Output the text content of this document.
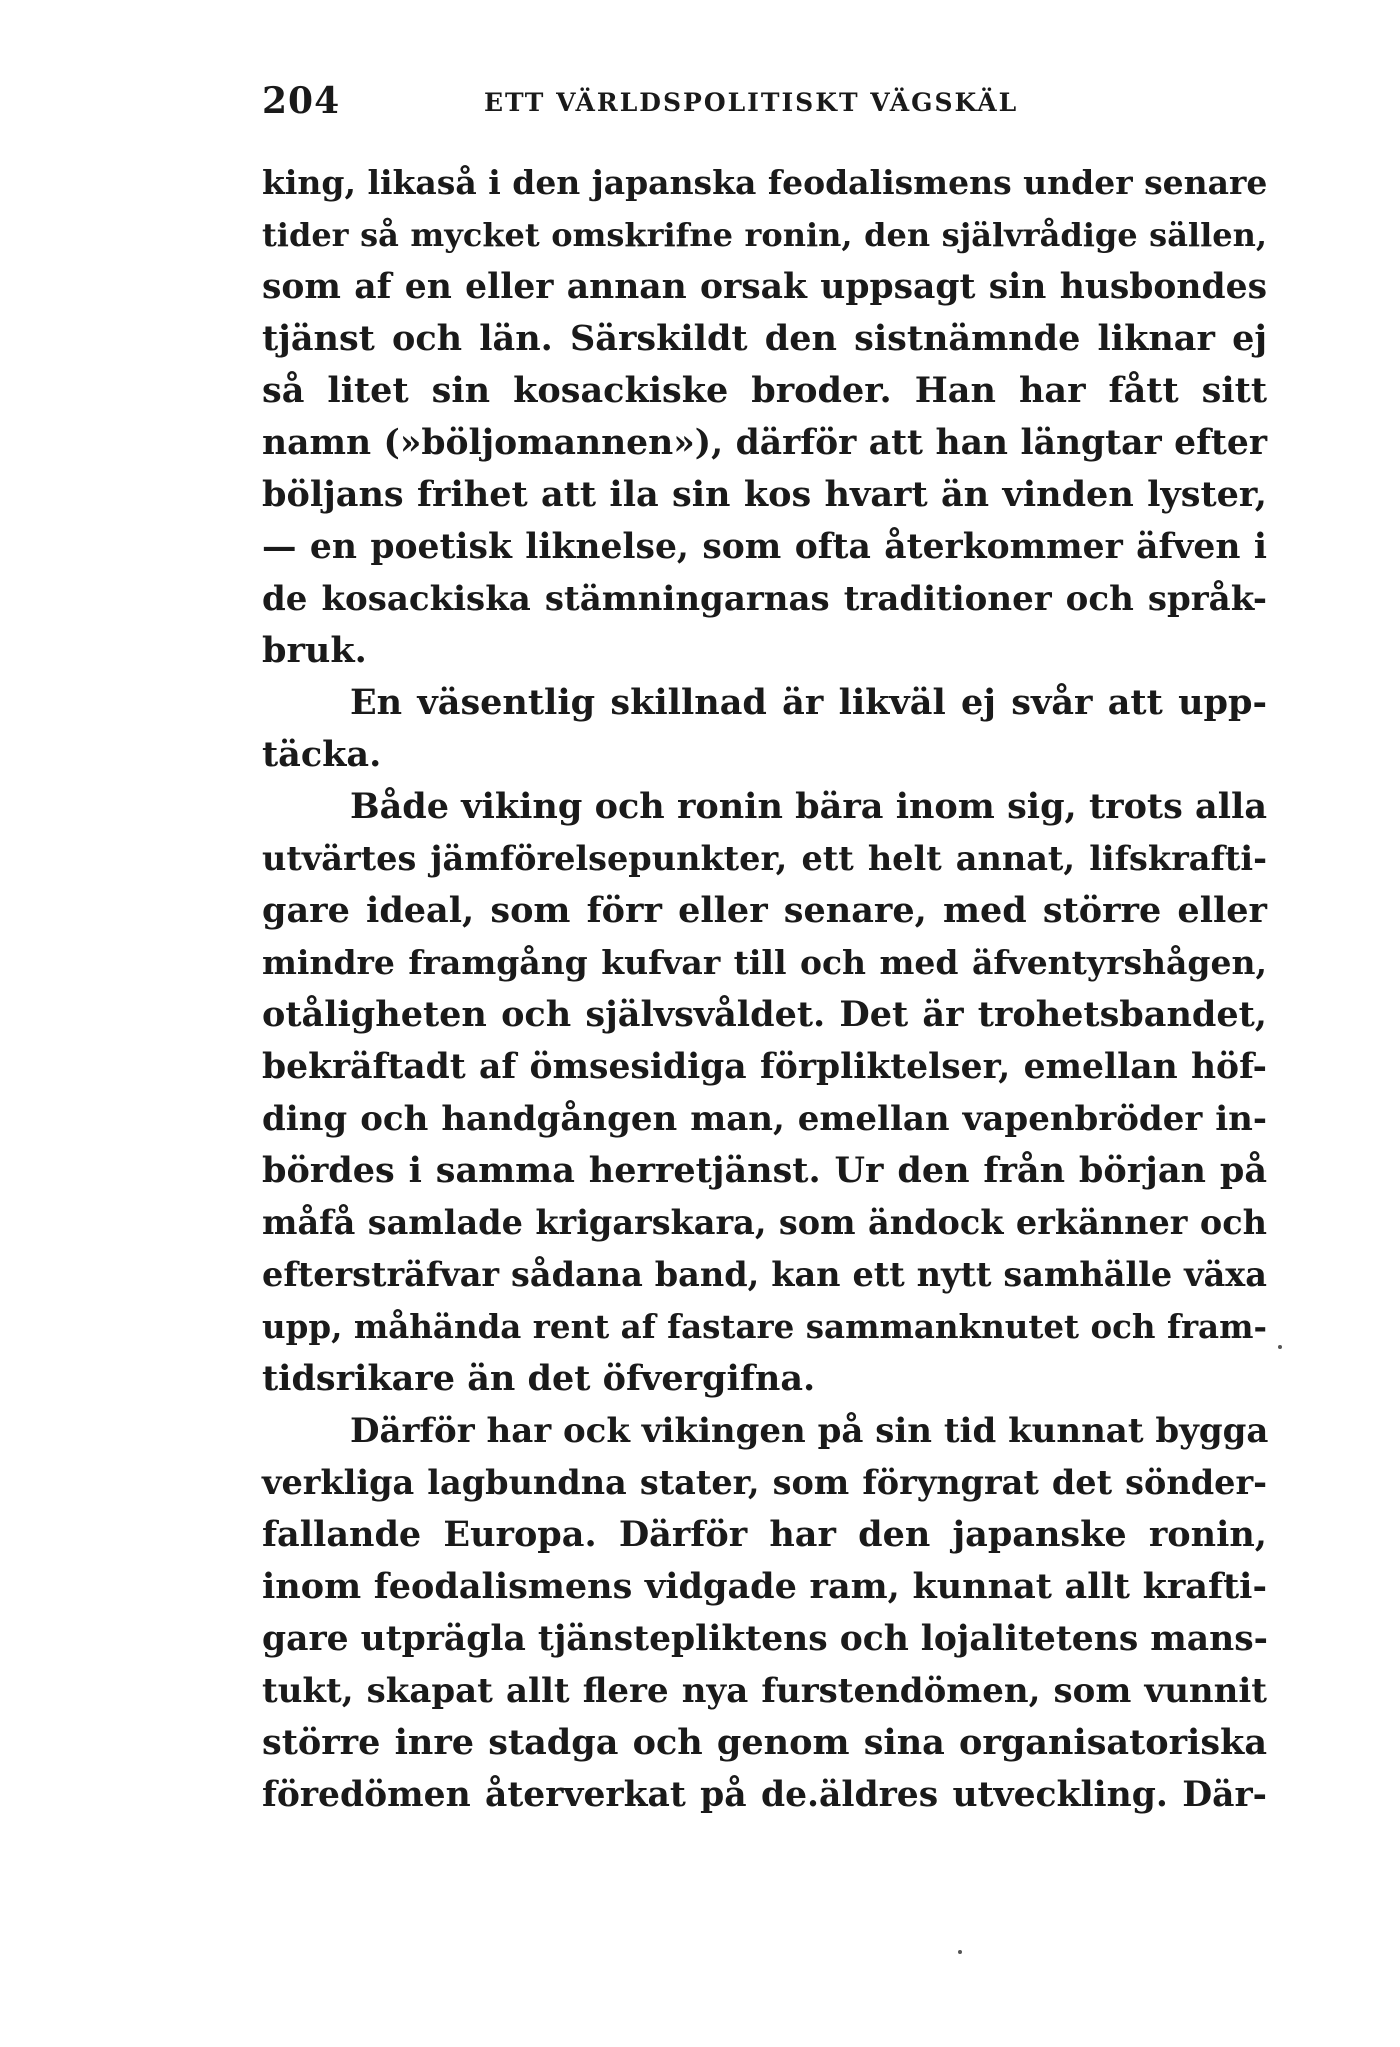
204	ETT VÄRLDSPOLITISKT VÄGSKÄL
king, likaså i den japanska feodalismens under senare
tider så mycket omskrifne ronin, den självrådige sällen,
som af en eller annan orsak uppsagt sin husbondes
tjänst och län. Särskildt den sistnämnde liknar ej
så litet sin kosackiske broder. Han har fått sitt
namn (»böljomannen»), därför att han längtar efter
böljans frihet att ila sin kos hvart än vinden lyster,
— en poetisk liknelse, som ofta återkommer äfven i
de kosackiska stämningarnas traditioner och språk-
bruk.
En väsentlig skillnad är likväl ej svår att upp-
täcka.
Både viking och ronin bära inom sig, trots alla
utvärtes jämförelsepunkter, ett helt annat, lifskrafti-
gare ideal, som förr eller senare, med större eller
mindre framgång kufvar till och med äfventyrshågen,
otåligheten och självsvåldet. Det är trohetsbandet,
bekräftadt af ömsesidiga förpliktelser, emellan höf-
ding och handgången man, emellan vapenbröder in-
bördes i samma herretjänst. Ur den från början på
måfå samlade krigarskara, som ändock erkänner och
eftersträfvar sådana band, kan ett nytt samhälle växa
upp, måhända rent af fastare sammanknutet och fram-
tidsrikare än det öfvergifna.
Därför har ock vikingen på sin tid kunnat bygga
verkliga lagbundna stater, som föryngrat det sönder-
fallande Europa. Därför har den japanske ronin,
inom feodalismens vidgade ram, kunnat allt krafti-
gare utprägla tjänstepliktens och lojalitetens mans-
tukt, skapat allt flere nya furstendömen, som vunnit
större inre stadga och genom sina organisatoriska
föredömen återverkat på de.äldres utveckling. Där-
